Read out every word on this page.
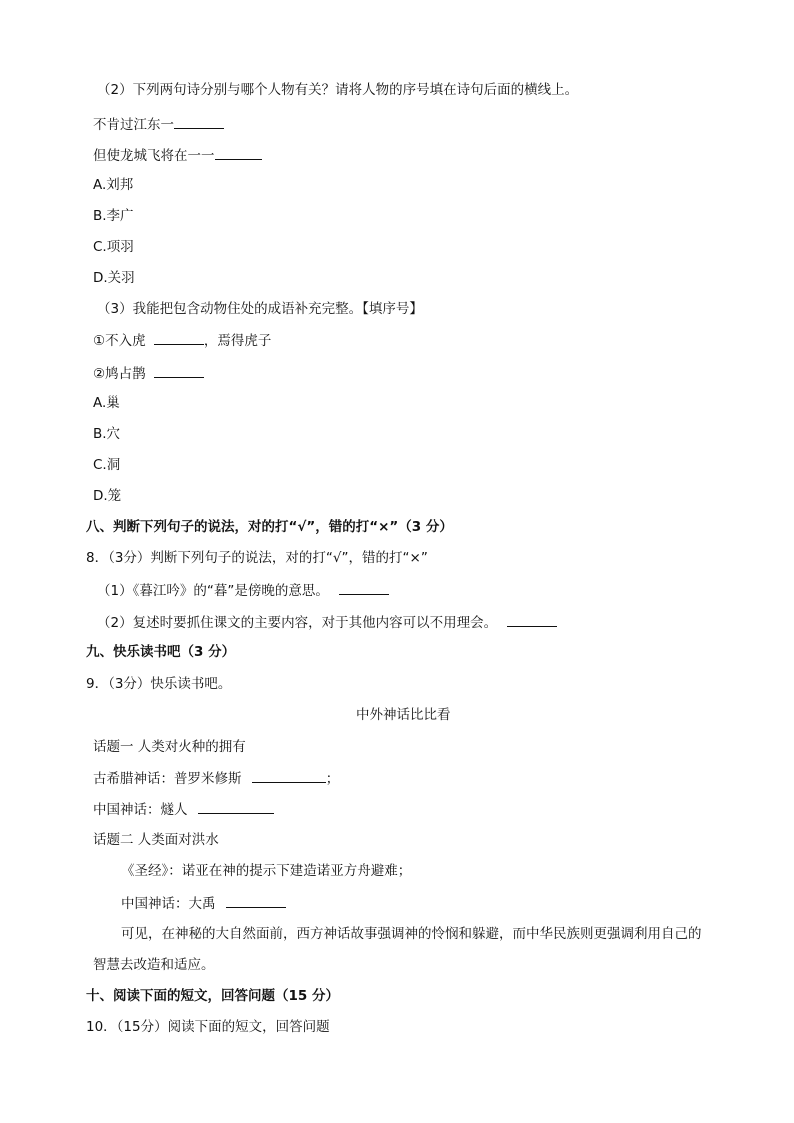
（2）下列两句诗分别与哪个人物有关？请将人物的序号填在诗句后面的横线上。
不肯过江东一
但使龙城飞将在一一
A.刘邦
B.李广
C.项羽
D.关羽
（3）我能把包含动物住处的成语补充完整。【填序号】
①不入虎	，焉得虎子
②鸠占鹊
A.巢
B.穴
C.洞
D.笼
八、判断下列句子的说法，对的打“√”，错的打“×”（3 分）
8．（3分）判断下列句子的说法，对的打“√”，错的打“×”
（1）《暮江吟》的“暮”是傍晚的意思。
（2）复述时要抓住课文的主要内容，对于其他内容可以不用理会。
九、快乐读书吧（3 分）
9．（3分）快乐读书吧。
中外神话比比看
话题一 人类对火种的拥有
古希腊神话：普罗米修斯	；
中国神话：燧人
话题二 人类面对洪水
《圣经》：诺亚在神的提示下建造诺亚方舟避难；
中国神话：大禹
可见，在神秘的大自然面前，西方神话故事强调神的怜悯和躲避，而中华民族则更强调利用自己的
智慧去改造和适应。
十、阅读下面的短文，回答问题（15 分）
10．（15分）阅读下面的短文，回答问题
